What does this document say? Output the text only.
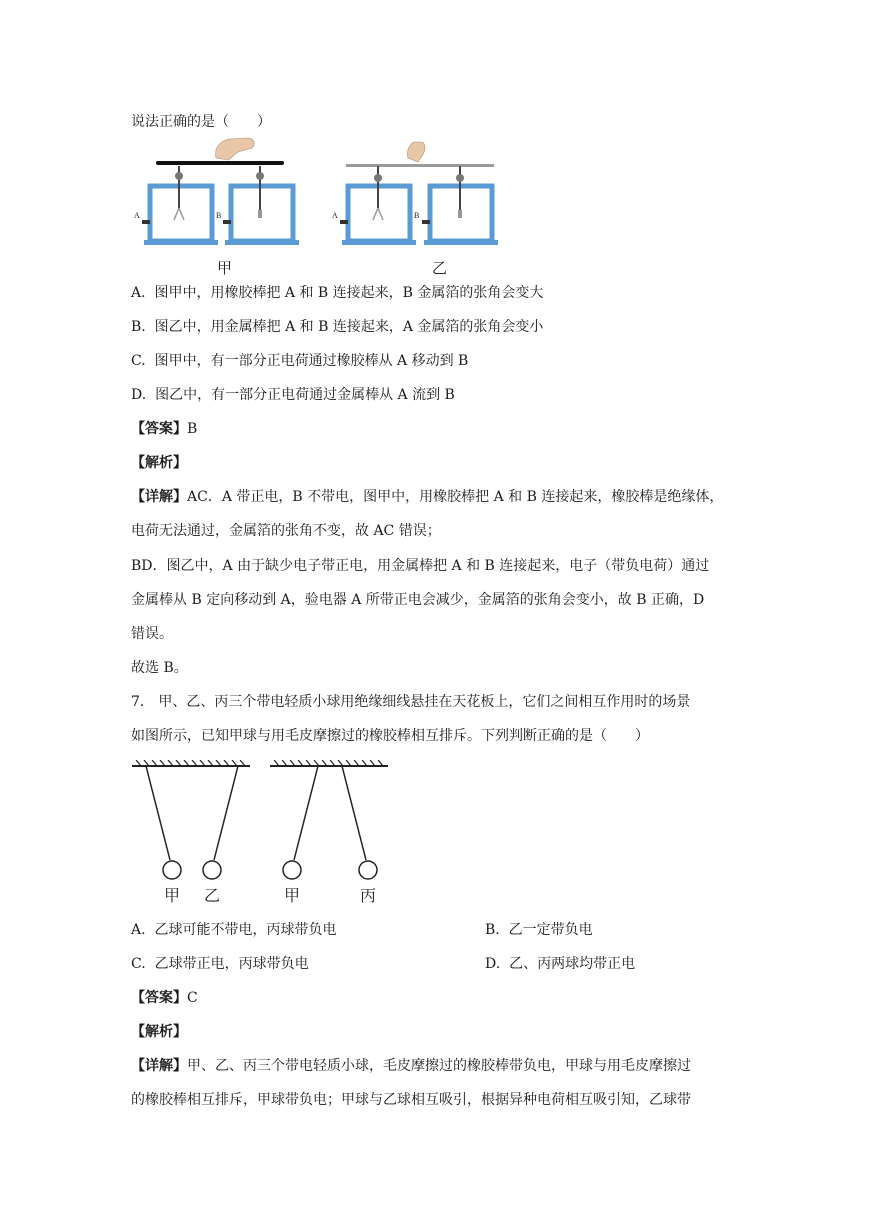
说法正确的是（　　）
A	B	A	B
甲	乙
A. 图甲中，用橡胶棒把 A 和 B 连接起来，B 金属箔的张角会变大
B. 图乙中，用金属棒把 A 和 B 连接起来，A 金属箔的张角会变小
C. 图甲中，有一部分正电荷通过橡胶棒从 A 移动到 B
D. 图乙中，有一部分正电荷通过金属棒从 A 流到 B
【答案】B
【解析】
【详解】AC．A 带正电，B 不带电，图甲中，用橡胶棒把 A 和 B 连接起来，橡胶棒是绝缘体，
电荷无法通过，金属箔的张角不变，故 AC 错误；
BD．图乙中，A 由于缺少电子带正电，用金属棒把 A 和 B 连接起来，电子（带负电荷）通过
金属棒从 B 定向移动到 A，验电器 A 所带正电会减少，金属箔的张角会变小，故 B 正确，D
错误。
故选 B。
7． 甲、乙、丙三个带电轻质小球用绝缘细线悬挂在天花板上，它们之间相互作用时的场景
如图所示，已知甲球与用毛皮摩擦过的橡胶棒相互排斥。下列判断正确的是（　　）
甲 乙	甲	丙
A. 乙球可能不带电，丙球带负电	B. 乙一定带负电
C. 乙球带正电，丙球带负电	D. 乙、丙两球均带正电
【答案】C
【解析】
【详解】甲、乙、丙三个带电轻质小球，毛皮摩擦过的橡胶棒带负电，甲球与用毛皮摩擦过
的橡胶棒相互排斥，甲球带负电；甲球与乙球相互吸引，根据异种电荷相互吸引知，乙球带
